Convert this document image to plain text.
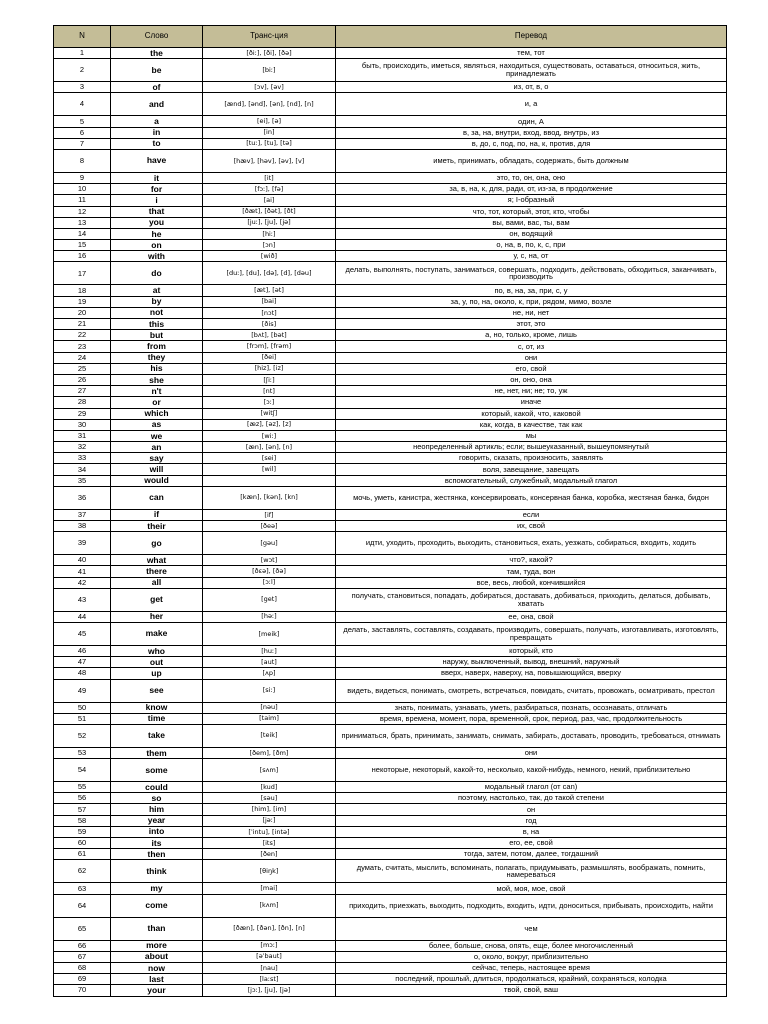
N	Слово	Транс-ция	Перевод
1	the	[ðiː], [ði], [ðə]	тем, тот
2	be	[biː]	быть, происходить, иметься, являться, находиться, существовать, оставаться, относиться, жить, принадлежать
3	of	[ɔv], [əv]	из, от, в, о
4	and	[ænd], [ənd], [ən], [nd], [n]	и, а
5	a	[ei], [ə]	один, А
6	in	[in]	в, за, на, внутри, вход, ввод, внутрь, из
7	to	[tuː], [tu], [tə]	в, до, с, под, по, на, к, против, для
8	have	[hæv], [həv], [əv], [v]	иметь, принимать, обладать, содержать, быть должным
9	it	[it]	это, то, он, она, оно
10	for	[fɔː], [fə]	за, в, на, к, для, ради, от, из-за, в продолжение
11	i	[ai]	я; I-образный
12	that	[ðæt], [ðət], [ðt]	что, тот, который, этот, кто, чтобы
13	you	[juː], [ju], [jə]	вы, вами, вас, ты, вам
14	he	[hiː]	он, водящий
15	on	[ɔn]	о, на, в, по, к, с, при
16	with	[wið]	у, с, на, от
17	do	[duː], [du], [də], [d], [dəu]	делать, выполнять, поступать, заниматься, совершать, подходить, действовать, обходиться, заканчивать, производить
18	at	[æt], [ət]	по, в, на, за, при, с, у
19	by	[bai]	за, у, по, на, около, к, при, рядом, мимо, возле
20	not	[nɔt]	не, ни, нет
21	this	[ðis]	этот, это
22	but	[bʌt], [bət]	а, но, только, кроме, лишь
23	from	[frɔm], [frəm]	с, от, из
24	they	[ðei]	они
25	his	[hiz], [iz]	его, свой
26	she	[ʃiː]	он, оно, она
27	n't	[nt]	не, нет, ни; не; то, уж
28	or	[ɔː]	иначе
29	which	[witʃ]	который, какой, что, каковой
30	as	[æz], [əz], [z]	как, когда, в качестве, так как
31	we	[wiː]	мы
32	an	[æn], [ən], [n]	неопределенный артикль; если; вышеуказанный, вышеупомянутый
33	say	[sei]	говорить, сказать, произносить, заявлять
34	will	[wil]	воля, завещание, завещать
35	would		вспомогательный, служебный, модальный глагол
36	can	[kæn], [kən], [kn]	мочь, уметь, канистра, жестянка, консервировать, консервная банка, коробка, жестяная банка, бидон
37	if	[if]	если
38	their	[ðeə]	их, свой
39	go	[gəu]	идти, уходить, проходить, выходить, становиться, ехать, уезжать, собираться, входить, ходить
40	what	[wɔt]	что?, какой?
41	there	[ðɛə], [ðə]	там, туда, вон
42	all	[ɔːl]	все, весь, любой, кончившийся
43	get	[get]	получать, становиться, попадать, добираться, доставать, добиваться, приходить, делаться, добывать, хватать
44	her	[həː]	ее, она, свой
45	make	[meik]	делать, заставлять, составлять, создавать, производить, совершать, получать, изготавливать, изготовлять, превращать
46	who	[huː]	который, кто
47	out	[aut]	наружу, выключенный, вывод, внешний, наружный
48	up	[ʌp]	вверх, наверх, наверху, на, повышающийся, вверху
49	see	[siː]	видеть, видеться, понимать, смотреть, встречаться, повидать, считать, провожать, осматривать, престол
50	know	[nəu]	знать, понимать, узнавать, уметь, разбираться, познать, осознавать, отличать
51	time	[taim]	время, времена, момент, пора, временной, срок, период, раз, час, продолжительность
52	take	[teik]	приниматься, брать, принимать, занимать, снимать, забирать, доставать, проводить, требоваться, отнимать
53	them	[ðem], [ðm]	они
54	some	[sʌm]	некоторые, некоторый, какой-то, несколько, какой-нибудь, немного, некий, приблизительно
55	could	[kud]	модальный глагол (от can)
56	so	[səu]	поэтому, настолько, так, до такой степени
57	him	[him], [im]	он
58	year	[jəː]	год
59	into	[ˈintu], [intə]	в, на
60	its	[its]	его, ее, свой
61	then	[ðen]	тогда, затем, потом, далее, тогдашний
62	think	[θiŋk]	думать, считать, мыслить, вспоминать, полагать, придумывать, размышлять, воображать, помнить, намереваться
63	my	[mai]	мой, моя, мое, свой
64	come	[kʌm]	приходить, приезжать, выходить, подходить, входить, идти, доноситься, прибывать, происходить, найти
65	than	[ðæn], [ðən], [ðn], [n]	чем
66	more	[mɔː]	более, больше, снова, опять, еще, более многочисленный
67	about	[əˈbaut]	о, около, вокруг, приблизительно
68	now	[nau]	сейчас, теперь, настоящее время
69	last	[laːst]	последний, прошлый, длиться, продолжаться, крайний, сохраняться, колодка
70	your	[jɔː], [ju], [jə]	твой, свой, ваш
